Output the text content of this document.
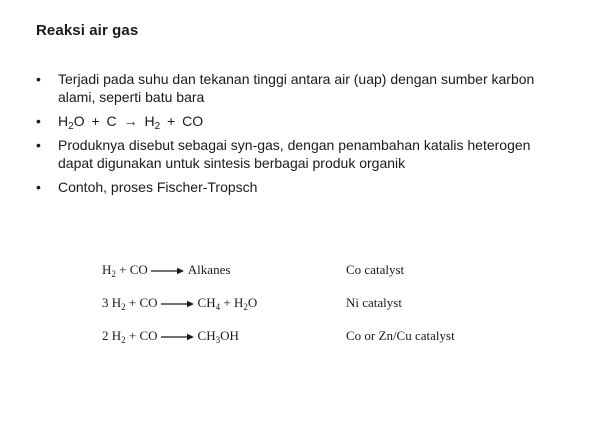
Reaksi air gas
• Terjadi pada suhu dan tekanan tinggi antara air (uap) dengan sumber karbon alami, seperti batu bara
• $H_2O + C \to H_2$ + CO
• Produknya disebut sebagai syn-gas, dengan penambahan katalis heterogen dapat digunakan untuk sintesis berbagai produk organik
• Contoh, proses Fischer-Tropsch
$H_2$ + CO	Alkanes	Co catalyst
3 $H_2$ + CO	$CH_4 + H_2O$	Ni catalyst
2 $H_2$ + CO	$CH_3OH$	Co or Zn/Cu catalyst
